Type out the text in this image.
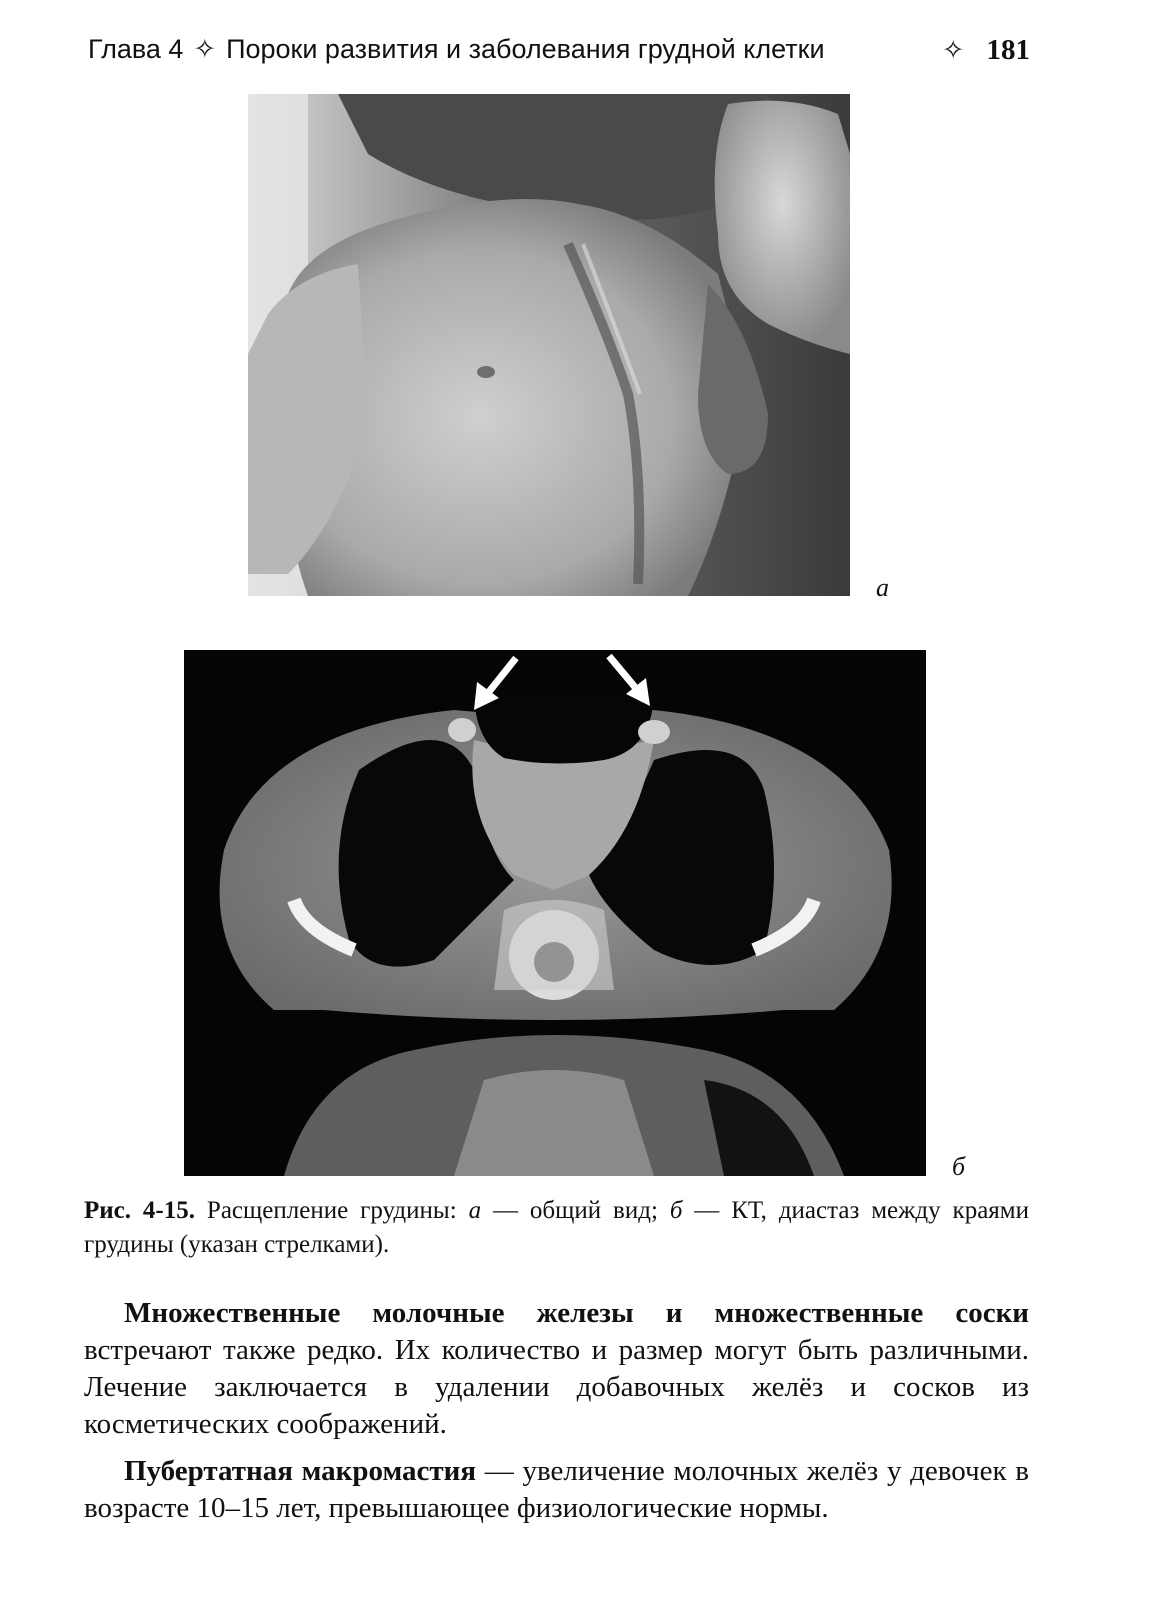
Глава 4 ✧ Пороки развития и заболевания грудной клетки	✧ 181
а
б
Рис. 4-15. Расщепление грудины: а — общий вид; б — КТ, диастаз между краями грудины (указан стрелками).

Множественные молочные железы и множественные соски встречают также редко. Их количество и размер могут быть различными. Лечение заключается в удалении добавочных желёз и сосков из косметических соображений.

Пубертатная макромастия — увеличение молочных желёз у девочек в возрасте 10–15 лет, превышающее физиологические нормы.
